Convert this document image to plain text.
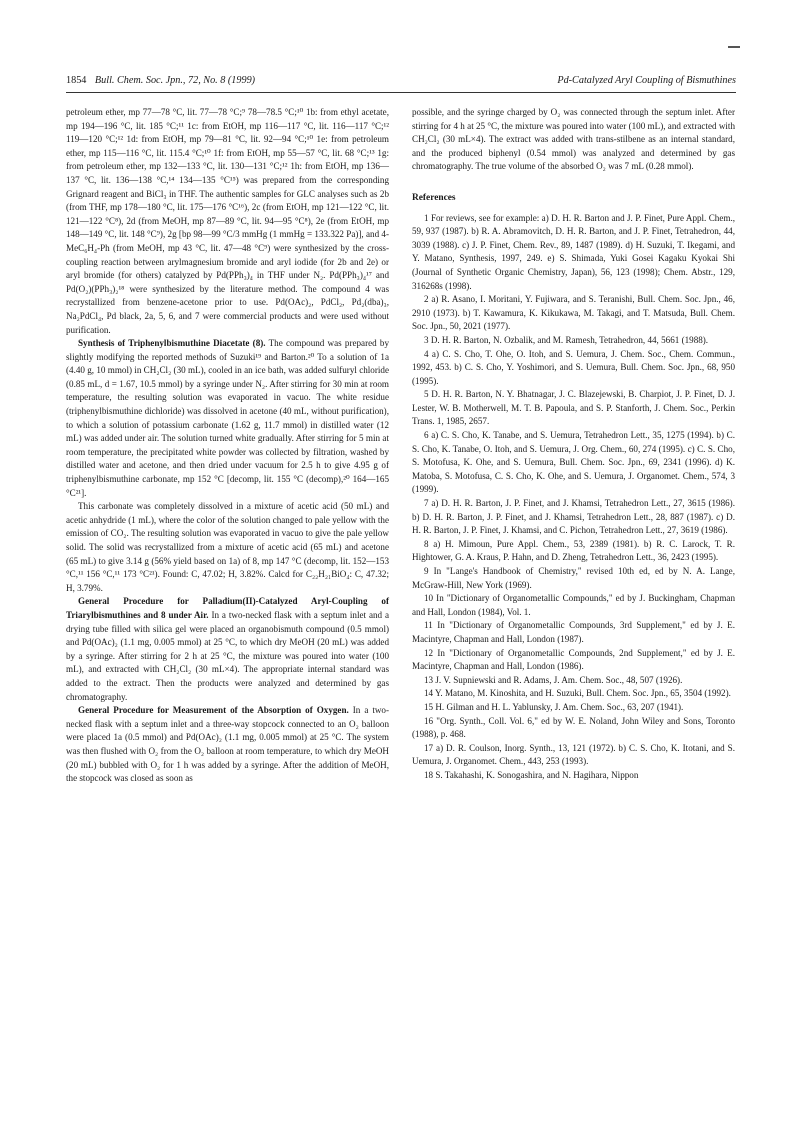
1854 Bull. Chem. Soc. Jpn., 72, No. 8 (1999)	Pd-Catalyzed Aryl Coupling of Bismuthines

petroleum ether, mp 77—78 °C, lit. 77—78 °C;⁹ 78—78.5 °C;¹⁰ 1b: from ethyl acetate, mp 194—196 °C, lit. 185 °C;¹¹ 1c: from EtOH, mp 116—117 °C, lit. 116—117 °C;¹² 119—120 °C;¹² 1d: from EtOH, mp 79—81 °C, lit. 92—94 °C;¹⁰ 1e: from petroleum ether, mp 115—116 °C, lit. 115.4 °C;¹⁰ 1f: from EtOH, mp 55—57 °C, lit. 68 °C;¹³ 1g: from petroleum ether, mp 132—133 °C, lit. 130—131 °C;¹² 1h: from EtOH, mp 136—137 °C, lit. 136—138 °C,¹⁴ 134—135 °C¹⁵) was prepared from the corresponding Grignard reagent and BiCl₃ in THF. The authentic samples for GLC analyses such as 2b (from THF, mp 178—180 °C, lit. 175—176 °C¹⁶), 2c (from EtOH, mp 121—122 °C, lit. 121—122 °C⁸), 2d (from MeOH, mp 87—89 °C, lit. 94—95 °C⁸), 2e (from EtOH, mp 148—149 °C, lit. 148 °C⁹), 2g [bp 98—99 °C/3 mmHg (1 mmHg = 133.322 Pa)], and 4-MeC₆H₄-Ph (from MeOH, mp 43 °C, lit. 47—48 °C⁹) were synthesized by the cross-coupling reaction between arylmagnesium bromide and aryl iodide (for 2b and 2e) or aryl bromide (for others) catalyzed by Pd(PPh₃)₄ in THF under N₂. Pd(PPh₃)₄¹⁷ and Pd(O₂)(PPh₃)₂¹⁸ were synthesized by the literature method. The compound 4 was recrystallized from benzene-acetone prior to use. Pd(OAc)₂, PdCl₂, Pd₂(dba)₃, Na₂PdCl₄, Pd black, 2a, 5, 6, and 7 were commercial products and were used without purification.

Synthesis of Triphenylbismuthine Diacetate (8). The compound was prepared by slightly modifying the reported methods of Suzuki¹⁹ and Barton.²⁰ To a solution of 1a (4.40 g, 10 mmol) in CH₂Cl₂ (30 mL), cooled in an ice bath, was added sulfuryl chloride (0.85 mL, d = 1.67, 10.5 mmol) by a syringe under N₂. After stirring for 30 min at room temperature, the resulting solution was evaporated in vacuo. The white residue (triphenylbismuthine dichloride) was dissolved in acetone (40 mL, without purification), to which a solution of potassium carbonate (1.62 g, 11.7 mmol) in distilled water (12 mL) was added under air. The solution turned white gradually. After stirring for 5 min at room temperature, the precipitated white powder was collected by filtration, washed by distilled water and acetone, and then dried under vacuum for 2.5 h to give 4.95 g of triphenylbismuthine carbonate, mp 152 °C [decomp, lit. 155 °C (decomp),²⁰ 164—165 °C²¹].

This carbonate was completely dissolved in a mixture of acetic acid (50 mL) and acetic anhydride (1 mL), where the color of the solution changed to pale yellow with the emission of CO₂. The resulting solution was evaporated in vacuo to give the pale yellow solid. The solid was recrystallized from a mixture of acetic acid (65 mL) and acetone (65 mL) to give 3.14 g (56% yield based on 1a) of 8, mp 147 °C (decomp, lit. 152—153 °C,¹¹ 156 °C,¹¹ 173 °C²¹). Found: C, 47.02; H, 3.82%. Calcd for C₂₂H₂₁BiO₄: C, 47.32; H, 3.79%.

General Procedure for Palladium(II)-Catalyzed Aryl-Coupling of Triarylbismuthines and 8 under Air. In a two-necked flask with a septum inlet and a drying tube filled with silica gel were placed an organobismuth compound (0.5 mmol) and Pd(OAc)₂ (1.1 mg, 0.005 mmol) at 25 °C, to which dry MeOH (20 mL) was added by a syringe. After stirring for 2 h at 25 °C, the mixture was poured into water (100 mL), and extracted with CH₂Cl₂ (30 mL×4). The appropriate internal standard was added to the extract. Then the products were analyzed and determined by gas chromatography.

General Procedure for Measurement of the Absorption of Oxygen. In a two-necked flask with a septum inlet and a three-way stopcock connected to an O₂ balloon were placed 1a (0.5 mmol) and Pd(OAc)₂ (1.1 mg, 0.005 mmol) at 25 °C. The system was then flushed with O₂ from the O₂ balloon at room temperature, to which dry MeOH (20 mL) bubbled with O₂ for 1 h was added by a syringe. After the addition of MeOH, the stopcock was closed as soon as

possible, and the syringe charged by O₂ was connected through the septum inlet. After stirring for 4 h at 25 °C, the mixture was poured into water (100 mL), and extracted with CH₂Cl₂ (30 mL×4). The extract was added with trans-stilbene as an internal standard, and the produced biphenyl (0.54 mmol) was analyzed and determined by gas chromatography. The true volume of the absorbed O₂ was 7 mL (0.28 mmol).

References

1 For reviews, see for example: a) D. H. R. Barton and J. P. Finet, Pure Appl. Chem., 59, 937 (1987). b) R. A. Abramovitch, D. H. R. Barton, and J. P. Finet, Tetrahedron, 44, 3039 (1988). c) J. P. Finet, Chem. Rev., 89, 1487 (1989). d) H. Suzuki, T. Ikegami, and Y. Matano, Synthesis, 1997, 249. e) S. Shimada, Yuki Gosei Kagaku Kyokai Shi (Journal of Synthetic Organic Chemistry, Japan), 56, 123 (1998); Chem. Abstr., 129, 316268s (1998).

2 a) R. Asano, I. Moritani, Y. Fujiwara, and S. Teranishi, Bull. Chem. Soc. Jpn., 46, 2910 (1973). b) T. Kawamura, K. Kikukawa, M. Takagi, and T. Matsuda, Bull. Chem. Soc. Jpn., 50, 2021 (1977).

3 D. H. R. Barton, N. Ozbalik, and M. Ramesh, Tetrahedron, 44, 5661 (1988).

4 a) C. S. Cho, T. Ohe, O. Itoh, and S. Uemura, J. Chem. Soc., Chem. Commun., 1992, 453. b) C. S. Cho, Y. Yoshimori, and S. Uemura, Bull. Chem. Soc. Jpn., 68, 950 (1995).

5 D. H. R. Barton, N. Y. Bhatnagar, J. C. Blazejewski, B. Charpiot, J. P. Finet, D. J. Lester, W. B. Motherwell, M. T. B. Papoula, and S. P. Stanforth, J. Chem. Soc., Perkin Trans. 1, 1985, 2657.

6 a) C. S. Cho, K. Tanabe, and S. Uemura, Tetrahedron Lett., 35, 1275 (1994). b) C. S. Cho, K. Tanabe, O. Itoh, and S. Uemura, J. Org. Chem., 60, 274 (1995). c) C. S. Cho, S. Motofusa, K. Ohe, and S. Uemura, Bull. Chem. Soc. Jpn., 69, 2341 (1996). d) K. Matoba, S. Motofusa, C. S. Cho, K. Ohe, and S. Uemura, J. Organomet. Chem., 574, 3 (1999).

7 a) D. H. R. Barton, J. P. Finet, and J. Khamsi, Tetrahedron Lett., 27, 3615 (1986). b) D. H. R. Barton, J. P. Finet, and J. Khamsi, Tetrahedron Lett., 28, 887 (1987). c) D. H. R. Barton, J. P. Finet, J. Khamsi, and C. Pichon, Tetrahedron Lett., 27, 3619 (1986).

8 a) H. Mimoun, Pure Appl. Chem., 53, 2389 (1981). b) R. C. Larock, T. R. Hightower, G. A. Kraus, P. Hahn, and D. Zheng, Tetrahedron Lett., 36, 2423 (1995).

9 In "Lange's Handbook of Chemistry," revised 10th ed, ed by N. A. Lange, McGraw-Hill, New York (1969).

10 In "Dictionary of Organometallic Compounds," ed by J. Buckingham, Chapman and Hall, London (1984), Vol. 1.

11 In "Dictionary of Organometallic Compounds, 3rd Supplement," ed by J. E. Macintyre, Chapman and Hall, London (1987).

12 In "Dictionary of Organometallic Compounds, 2nd Supplement," ed by J. E. Macintyre, Chapman and Hall, London (1986).

13 J. V. Supniewski and R. Adams, J. Am. Chem. Soc., 48, 507 (1926).

14 Y. Matano, M. Kinoshita, and H. Suzuki, Bull. Chem. Soc. Jpn., 65, 3504 (1992).

15 H. Gilman and H. L. Yablunsky, J. Am. Chem. Soc., 63, 207 (1941).

16 "Org. Synth., Coll. Vol. 6," ed by W. E. Noland, John Wiley and Sons, Toronto (1988), p. 468.

17 a) D. R. Coulson, Inorg. Synth., 13, 121 (1972). b) C. S. Cho, K. Itotani, and S. Uemura, J. Organomet. Chem., 443, 253 (1993).

18 S. Takahashi, K. Sonogashira, and N. Hagihara, Nippon
